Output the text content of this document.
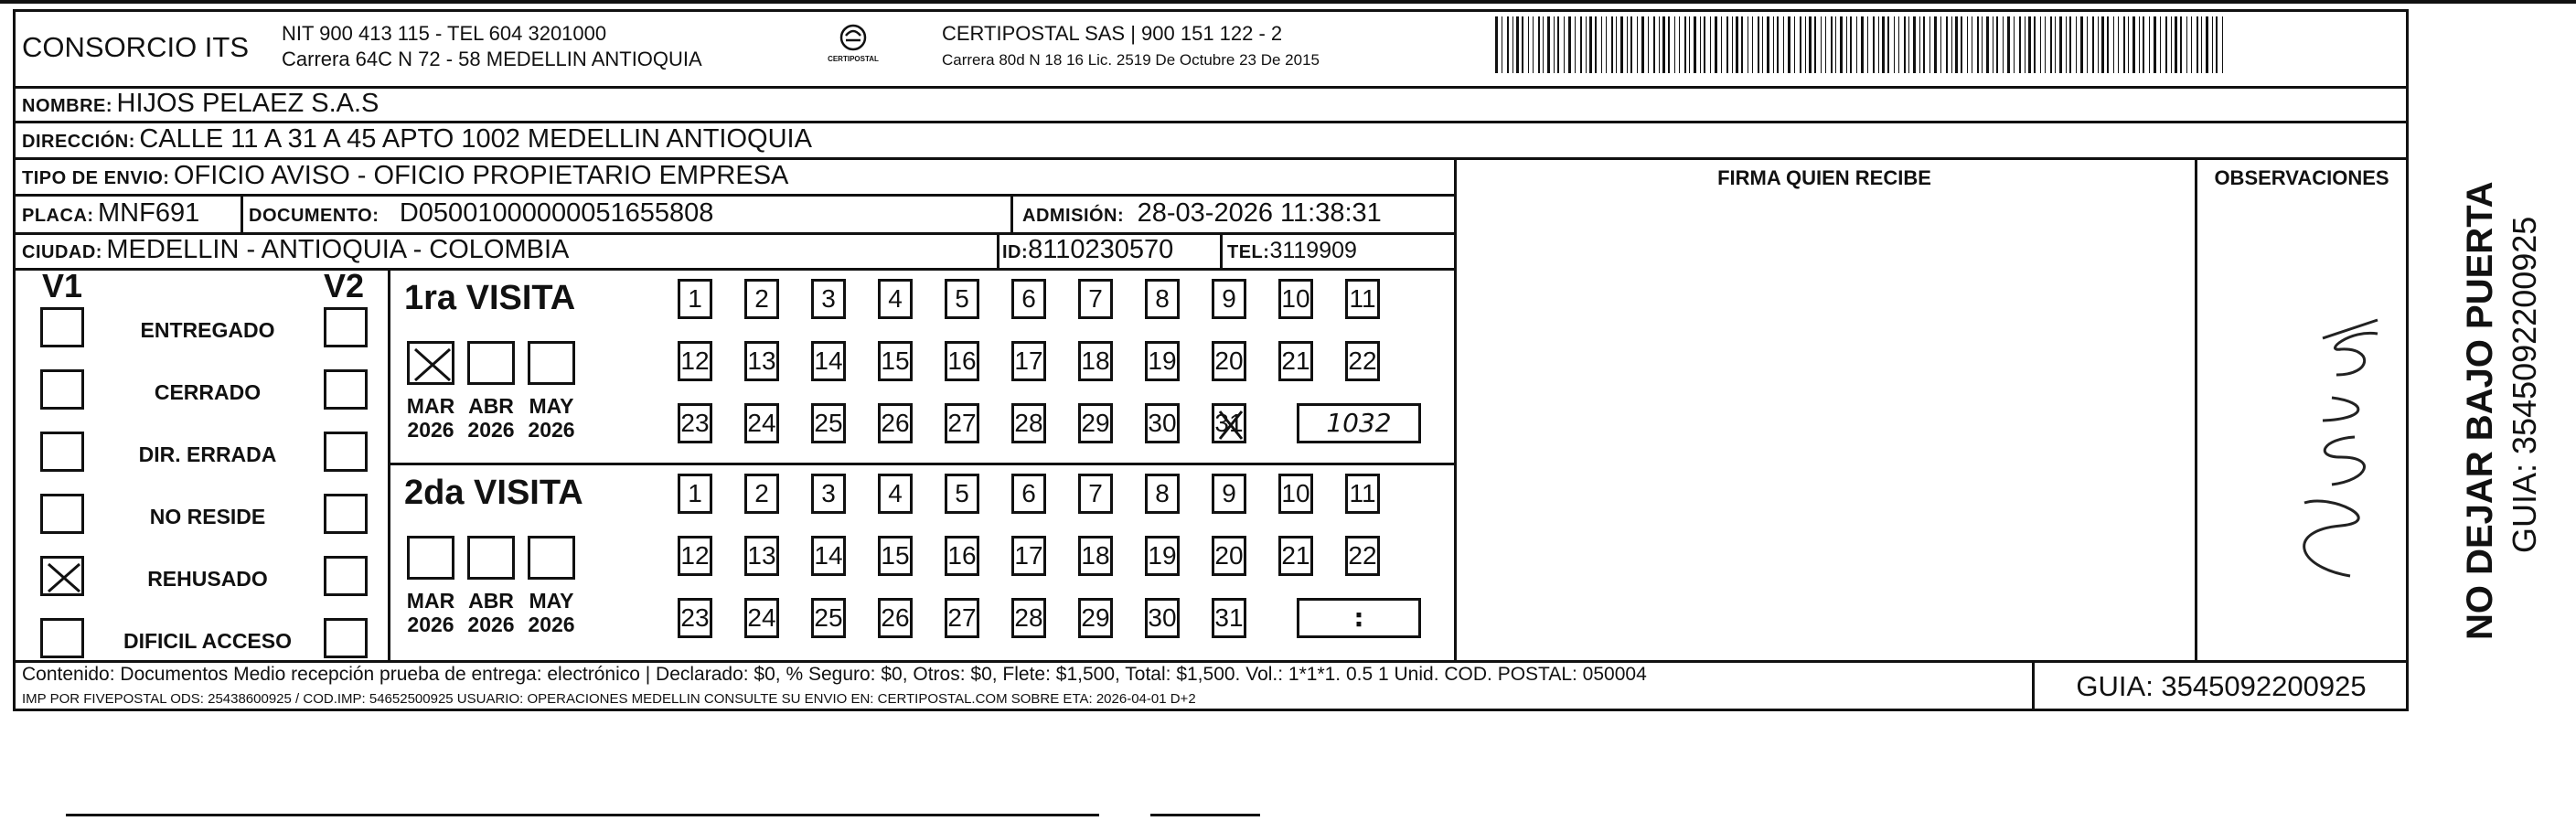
CONSORCIO ITS NIT 900 413 115 - TEL 604 3201000
Carrera 64C N 72 - 58 MEDELLIN ANTIOQUIA	CERTIPOSTAL
CERTIPOSTAL SAS | 900 151 122 - 2
Carrera 80d N 18 16 Lic. 2519 De Octubre 23 De 2015
NOMBRE: HIJOS PELAEZ S.A.S
DIRECCIÓN: CALLE 11 A 31 A 45 APTO 1002 MEDELLIN ANTIOQUIA
TIPO DE ENVIO: OFICIO AVISO - OFICIO PROPIETARIO EMPRESA	FIRMA QUIEN RECIBE	OBSERVACIONES
PLACA: MNF691	DOCUMENTO: D05001000000051655808	ADMISIÓN: 28-03-2026 11:38:31
CIUDAD: MEDELLIN - ANTIOQUIA - COLOMBIA	ID:8110230570	TEL:3119909
V1	V2
ENTREGADO
CERRADO
DIR. ERRADA
NO RESIDE
REHUSADO
DIFICIL ACCESO
1ra VISITA
MAR
2026
ABR
2026
MAY
2026
1	2	3	4	5	6	7	8	9	10 11
12 13 14 15 16 17 18 19 20 21 22
23 24 25 26 27 28 29 30 31	1032
2da VISITA
MAR
2026
ABR
2026
MAY
2026
1	2	3	4	5	6	7	8	9	10 11
12 13 14 15 16 17 18 19 20 21 22
23 24 25 26 27 28 29 30 31	:
Contenido: Documentos Medio recepción prueba de entrega: electrónico | Declarado: $0, % Seguro: $0, Otros: $0, Flete: $1,500, Total: $1,500. Vol.: 1*1*1. 0.5 1 Unid. COD. POSTAL: 050004
IMP POR FIVEPOSTAL ODS: 25438600925 / COD.IMP: 54652500925 USUARIO: OPERACIONES MEDELLIN CONSULTE SU ENVIO EN: CERTIPOSTAL.COM SOBRE ETA: 2026-04-01 D+2	GUIA: 3545092200925
NO DEJAR BAJO PUERTA GUIA: 3545092200925
